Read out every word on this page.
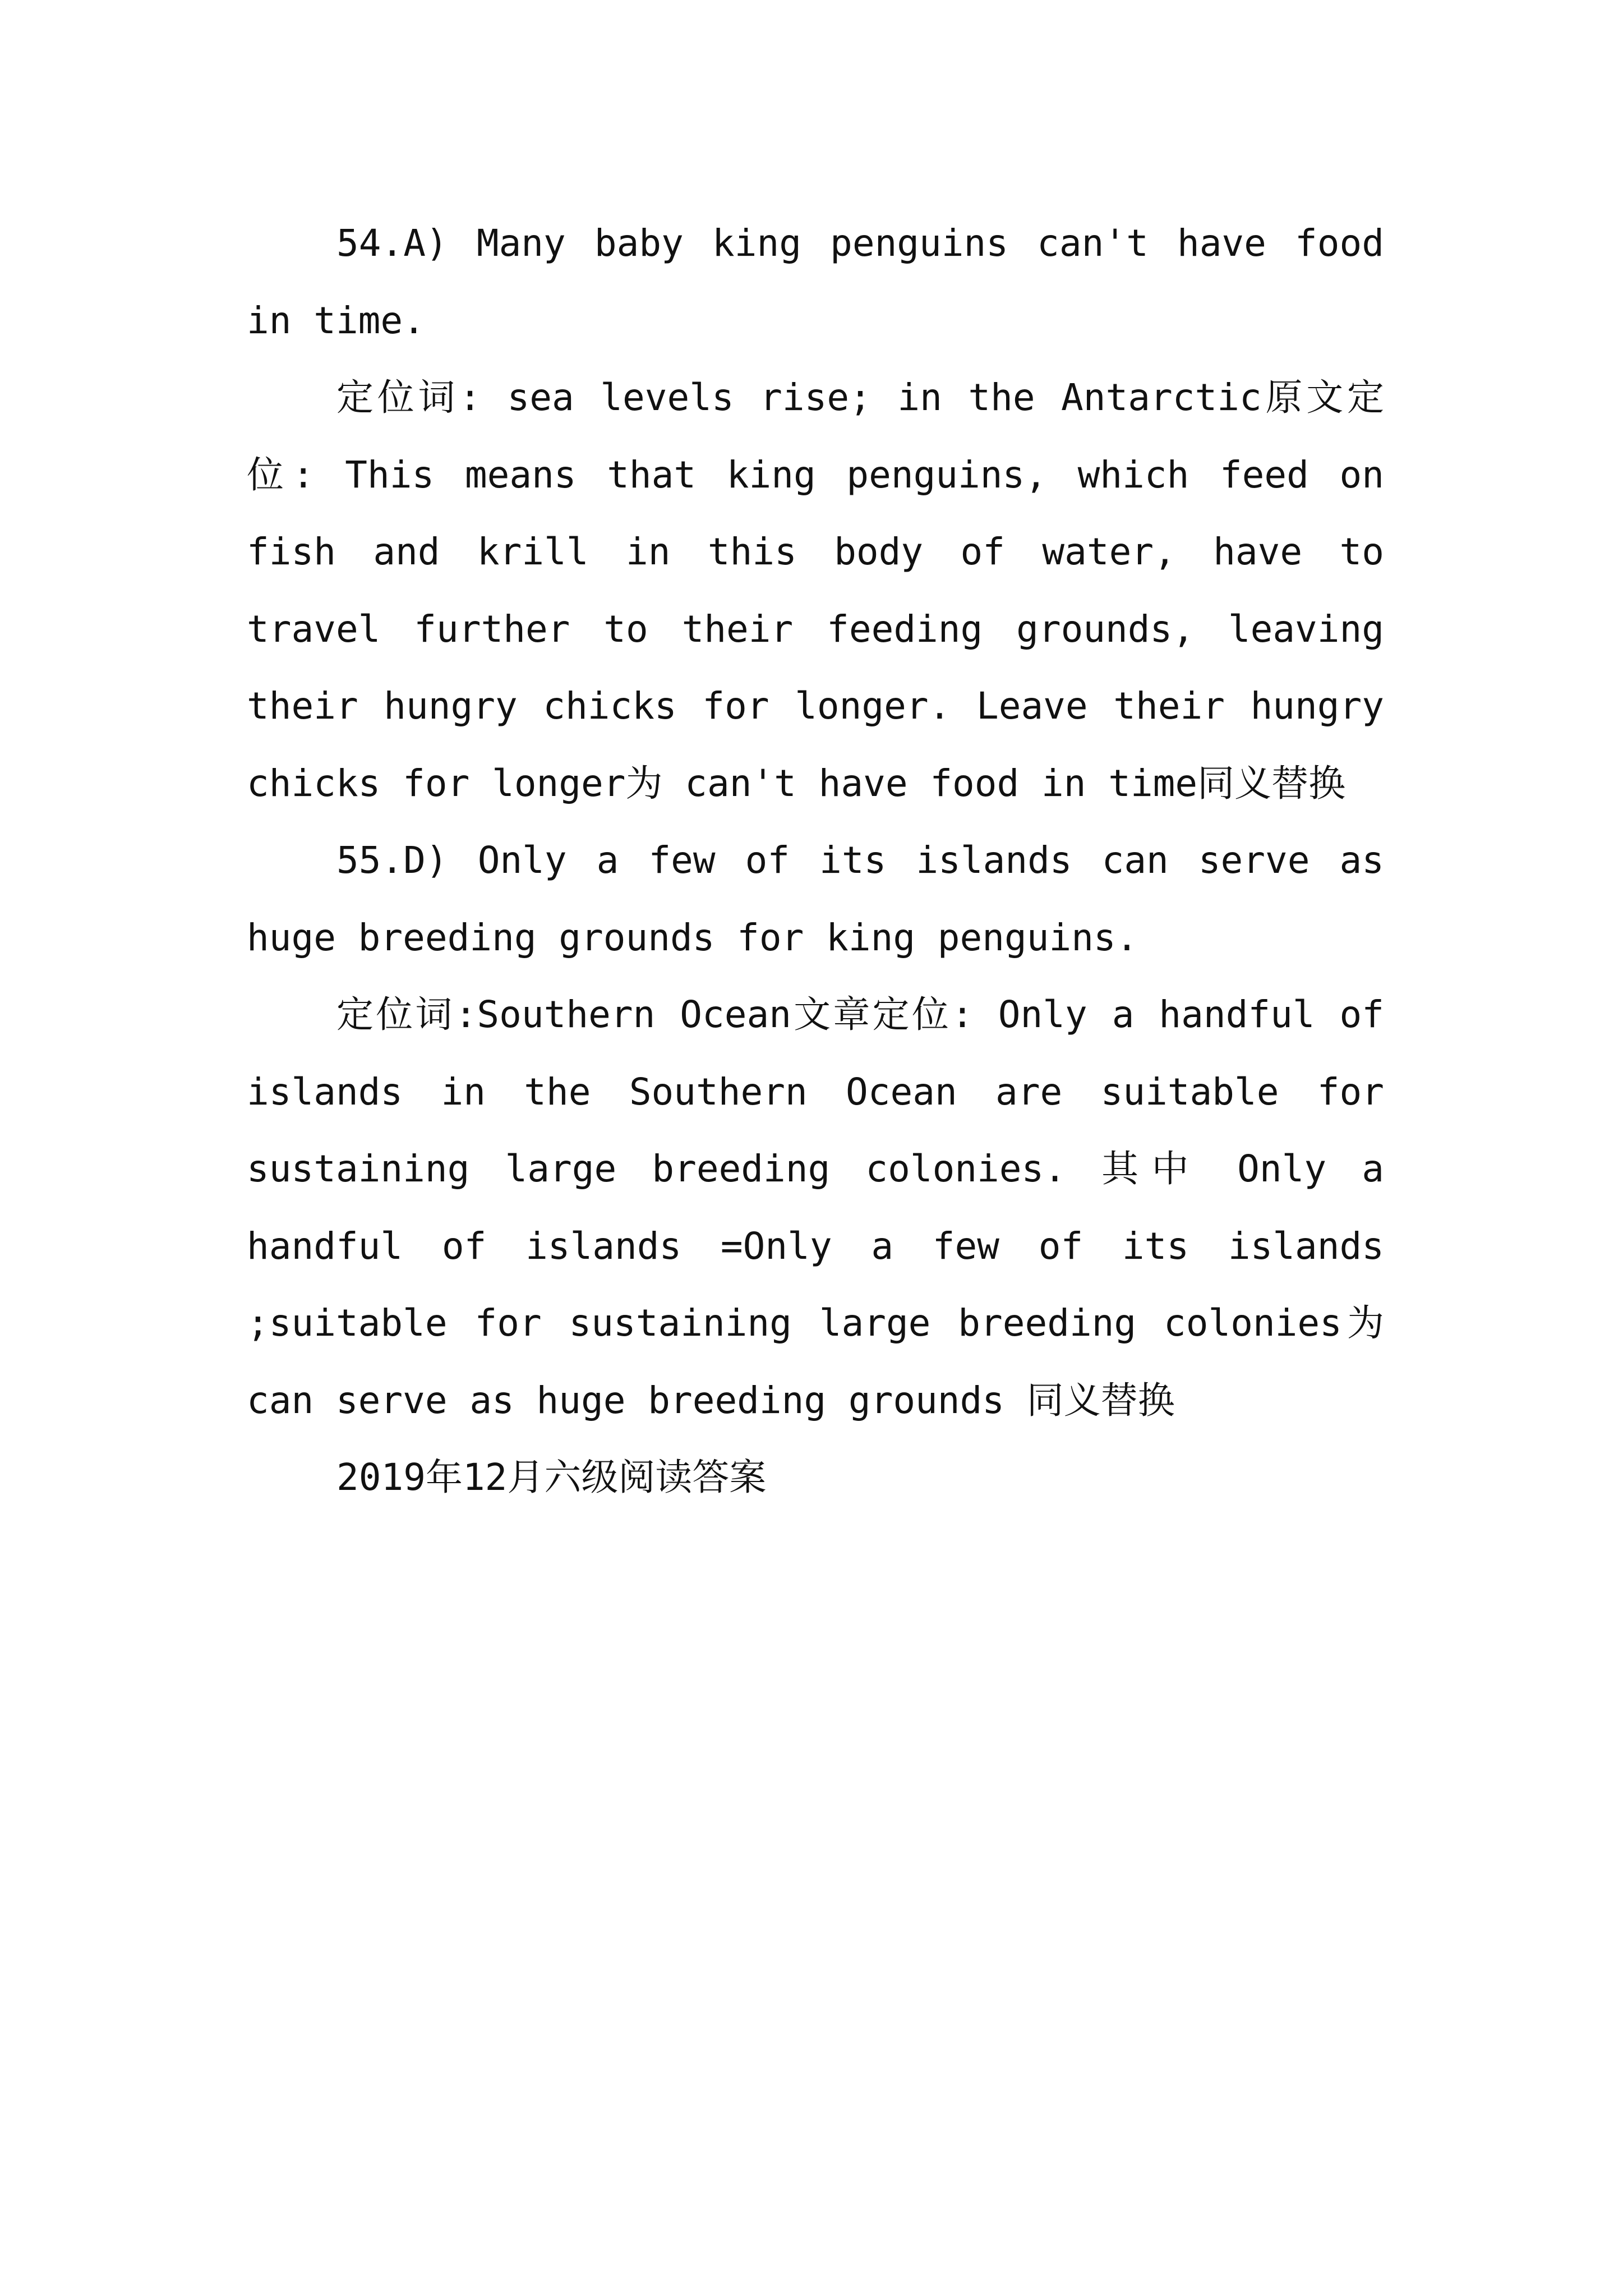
54.A) Many baby king penguins can't have food in time.

定位词: sea levels rise; in the Antarctic原文定位: This means that king penguins, which feed on fish and krill in this body of water, have to travel further to their feeding grounds, leaving their hungry chicks for longer. Leave their hungry chicks for longer为 can't have food in time同义替换

55.D) Only a few of its islands can serve as huge breeding grounds for king penguins.

定位词:Southern Ocean文章定位: Only a handful of islands in the Southern Ocean are suitable for sustaining large breeding colonies. 其中 Only a handful of islands =Only a few of its islands ;suitable for sustaining large breeding colonies为can serve as huge breeding grounds 同义替换

2019年12月六级阅读答案
